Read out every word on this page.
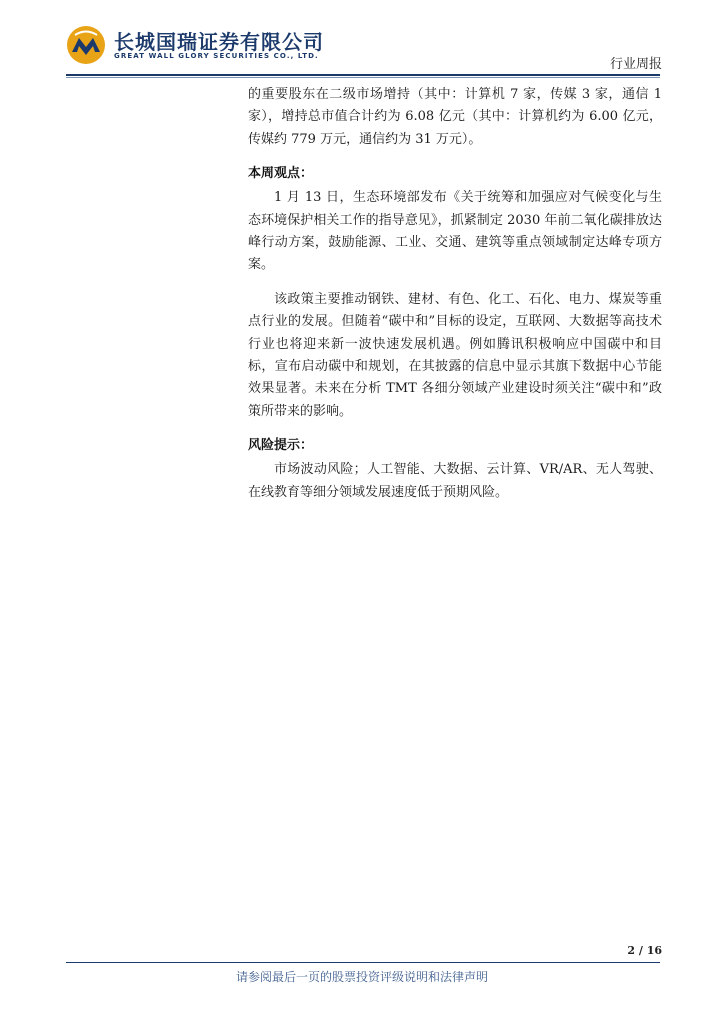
长城国瑞证券有限公司
GREAT WALL GLORY SECURITIES CO., LTD.
行业周报

的重要股东在二级市场增持（其中：计算机 7 家，传媒 3 家，通信 1 家），增持总市值合计约为 6.08 亿元（其中：计算机约为 6.00 亿元，传媒约 779 万元，通信约为 31 万元）。

本周观点：

1 月 13 日，生态环境部发布《关于统筹和加强应对气候变化与生态环境保护相关工作的指导意见》，抓紧制定 2030 年前二氧化碳排放达峰行动方案，鼓励能源、工业、交通、建筑等重点领域制定达峰专项方案。

该政策主要推动钢铁、建材、有色、化工、石化、电力、煤炭等重点行业的发展。但随着“碳中和”目标的设定，互联网、大数据等高技术行业也将迎来新一波快速发展机遇。例如腾讯积极响应中国碳中和目标，宣布启动碳中和规划，在其披露的信息中显示其旗下数据中心节能效果显著。未来在分析 TMT 各细分领域产业建设时须关注“碳中和”政策所带来的影响。

风险提示：

市场波动风险；人工智能、大数据、云计算、VR/AR、无人驾驶、在线教育等细分领域发展速度低于预期风险。

2 / 16
请参阅最后一页的股票投资评级说明和法律声明
